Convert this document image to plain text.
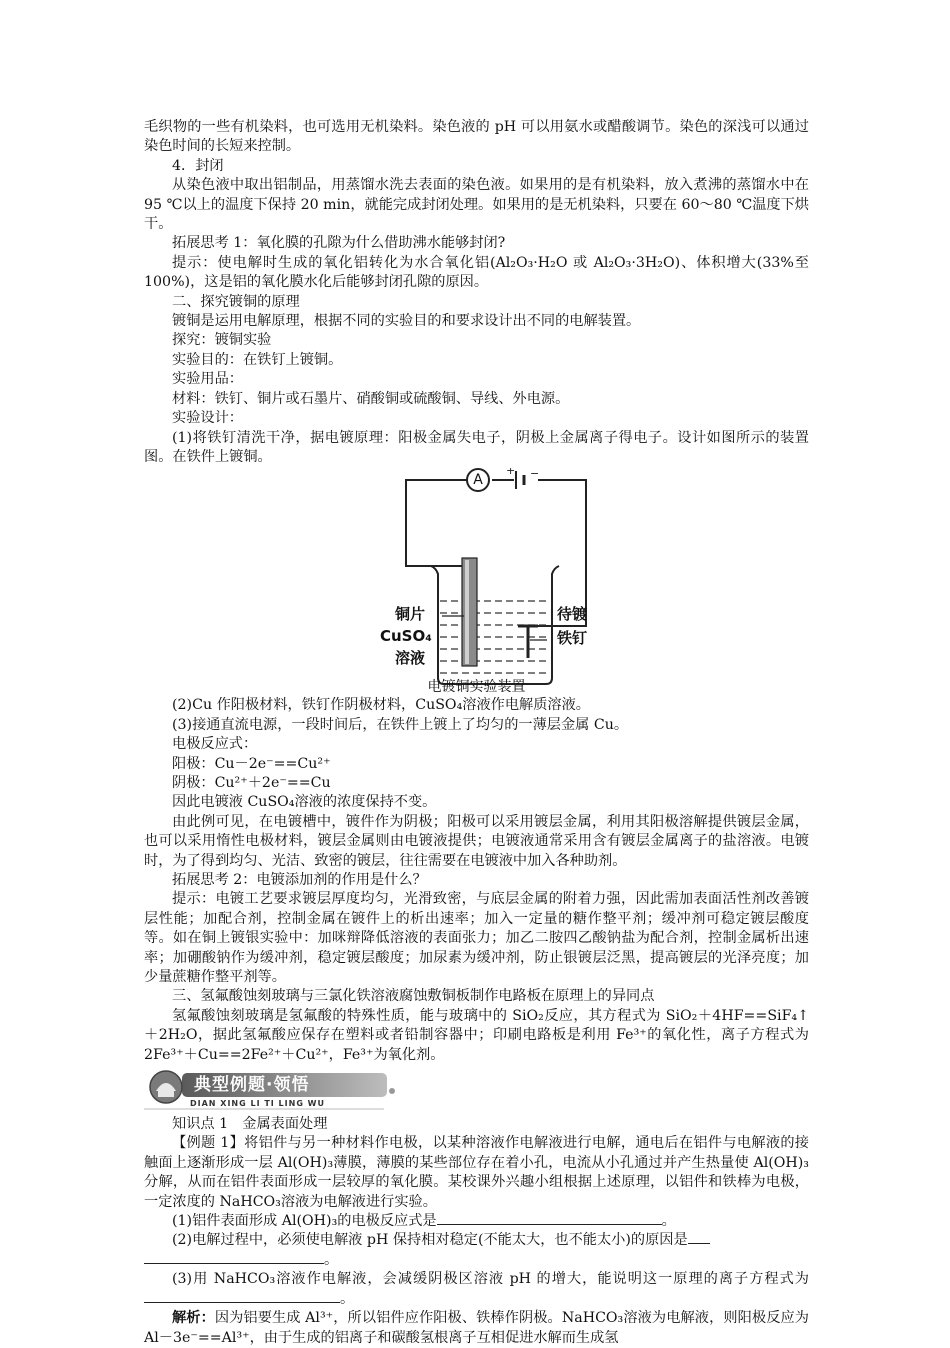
毛织物的一些有机染料，也可选用无机染料。染色液的 pH 可以用氨水或醋酸调节。染色的深浅可以通过染色时间的长短来控制。

4．封闭

从染色液中取出铝制品，用蒸馏水洗去表面的染色液。如果用的是有机染料，放入煮沸的蒸馏水中在 95 ℃以上的温度下保持 20 min，就能完成封闭处理。如果用的是无机染料，只要在 60～80 ℃温度下烘干。

拓展思考 1：氧化膜的孔隙为什么借助沸水能够封闭?

提示：使电解时生成的氧化铝转化为水合氧化铝(Al₂O₃·H₂O 或 Al₂O₃·3H₂O)、体积增大(33%至 100%)，这是铝的氧化膜水化后能够封闭孔隙的原因。

二、探究镀铜的原理

镀铜是运用电解原理，根据不同的实验目的和要求设计出不同的电解装置。

探究：镀铜实验

实验目的：在铁钉上镀铜。

实验用品：

材料：铁钉、铜片或石墨片、硝酸铜或硫酸铜、导线、外电源。

实验设计：

(1)将铁钉清洗干净，据电镀原理：阳极金属失电子，阴极上金属离子得电子。设计如图所示的装置图。在铁件上镀铜。

+ −
A
铜片
CuSO₄
溶液
待镀
铁钉
电镀铜实验装置

(2)Cu 作阳极材料，铁钉作阴极材料，CuSO₄溶液作电解质溶液。

(3)接通直流电源，一段时间后，在铁件上镀上了均匀的一薄层金属 Cu。

电极反应式：

阳极：Cu－2e⁻==Cu²⁺

阴极：Cu²⁺＋2e⁻==Cu

因此电镀液 CuSO₄溶液的浓度保持不变。

由此例可见，在电镀槽中，镀件作为阴极；阳极可以采用镀层金属，利用其阳极溶解提供镀层金属，也可以采用惰性电极材料，镀层金属则由电镀液提供；电镀液通常采用含有镀层金属离子的盐溶液。电镀时，为了得到均匀、光洁、致密的镀层，往往需要在电镀液中加入各种助剂。

拓展思考 2：电镀添加剂的作用是什么？

提示：电镀工艺要求镀层厚度均匀，光滑致密，与底层金属的附着力强，因此需加表面活性剂改善镀层性能；加配合剂，控制金属在镀件上的析出速率；加入一定量的糖作整平剂；缓冲剂可稳定镀层酸度等。如在铜上镀银实验中：加咪辩降低溶液的表面张力；加乙二胺四乙酸钠盐为配合剂，控制金属析出速率；加硼酸钠作为缓冲剂，稳定镀层酸度；加尿素为缓冲剂，防止银镀层泛黑，提高镀层的光泽亮度；加少量蔗糖作整平剂等。

三、氢氟酸蚀刻玻璃与三氯化铁溶液腐蚀敷铜板制作电路板在原理上的异同点

氢氟酸蚀刻玻璃是氢氟酸的特殊性质，能与玻璃中的 SiO₂反应，其方程式为 SiO₂＋4HF==SiF₄↑＋2H₂O，据此氢氟酸应保存在塑料或者铅制容器中；印刷电路板是利用 Fe³⁺的氧化性，离子方程式为 2Fe³⁺＋Cu==2Fe²⁺＋Cu²⁺，Fe³⁺为氧化剂。

典型例题·领悟
DIAN XING LI TI LING WU

知识点 1　金属表面处理

【例题 1】将铝件与另一种材料作电极，以某种溶液作电解液进行电解，通电后在铝件与电解液的接触面上逐渐形成一层 Al(OH)₃薄膜，薄膜的某些部位存在着小孔，电流从小孔通过并产生热量使 Al(OH)₃分解，从而在铝件表面形成一层较厚的氧化膜。某校课外兴趣小组根据上述原理，以铝件和铁棒为电极，一定浓度的 NaHCO₃溶液为电解液进行实验。

(1)铝件表面形成 Al(OH)₃的电极反应式是	。

(2)电解过程中，必须使电解液 pH 保持相对稳定(不能太大，也不能太小)的原因是

。

(3)用 NaHCO₃溶液作电解液，会减缓阴极区溶液 pH 的增大，能说明这一原理的离子方程式为。

解析：因为铝要生成 Al³⁺，所以铝件应作阳极、铁棒作阴极。NaHCO₃溶液为电解液，则阳极反应为 Al－3e⁻==Al³⁺，由于生成的铝离子和碳酸氢根离子互相促进水解而生成氢
